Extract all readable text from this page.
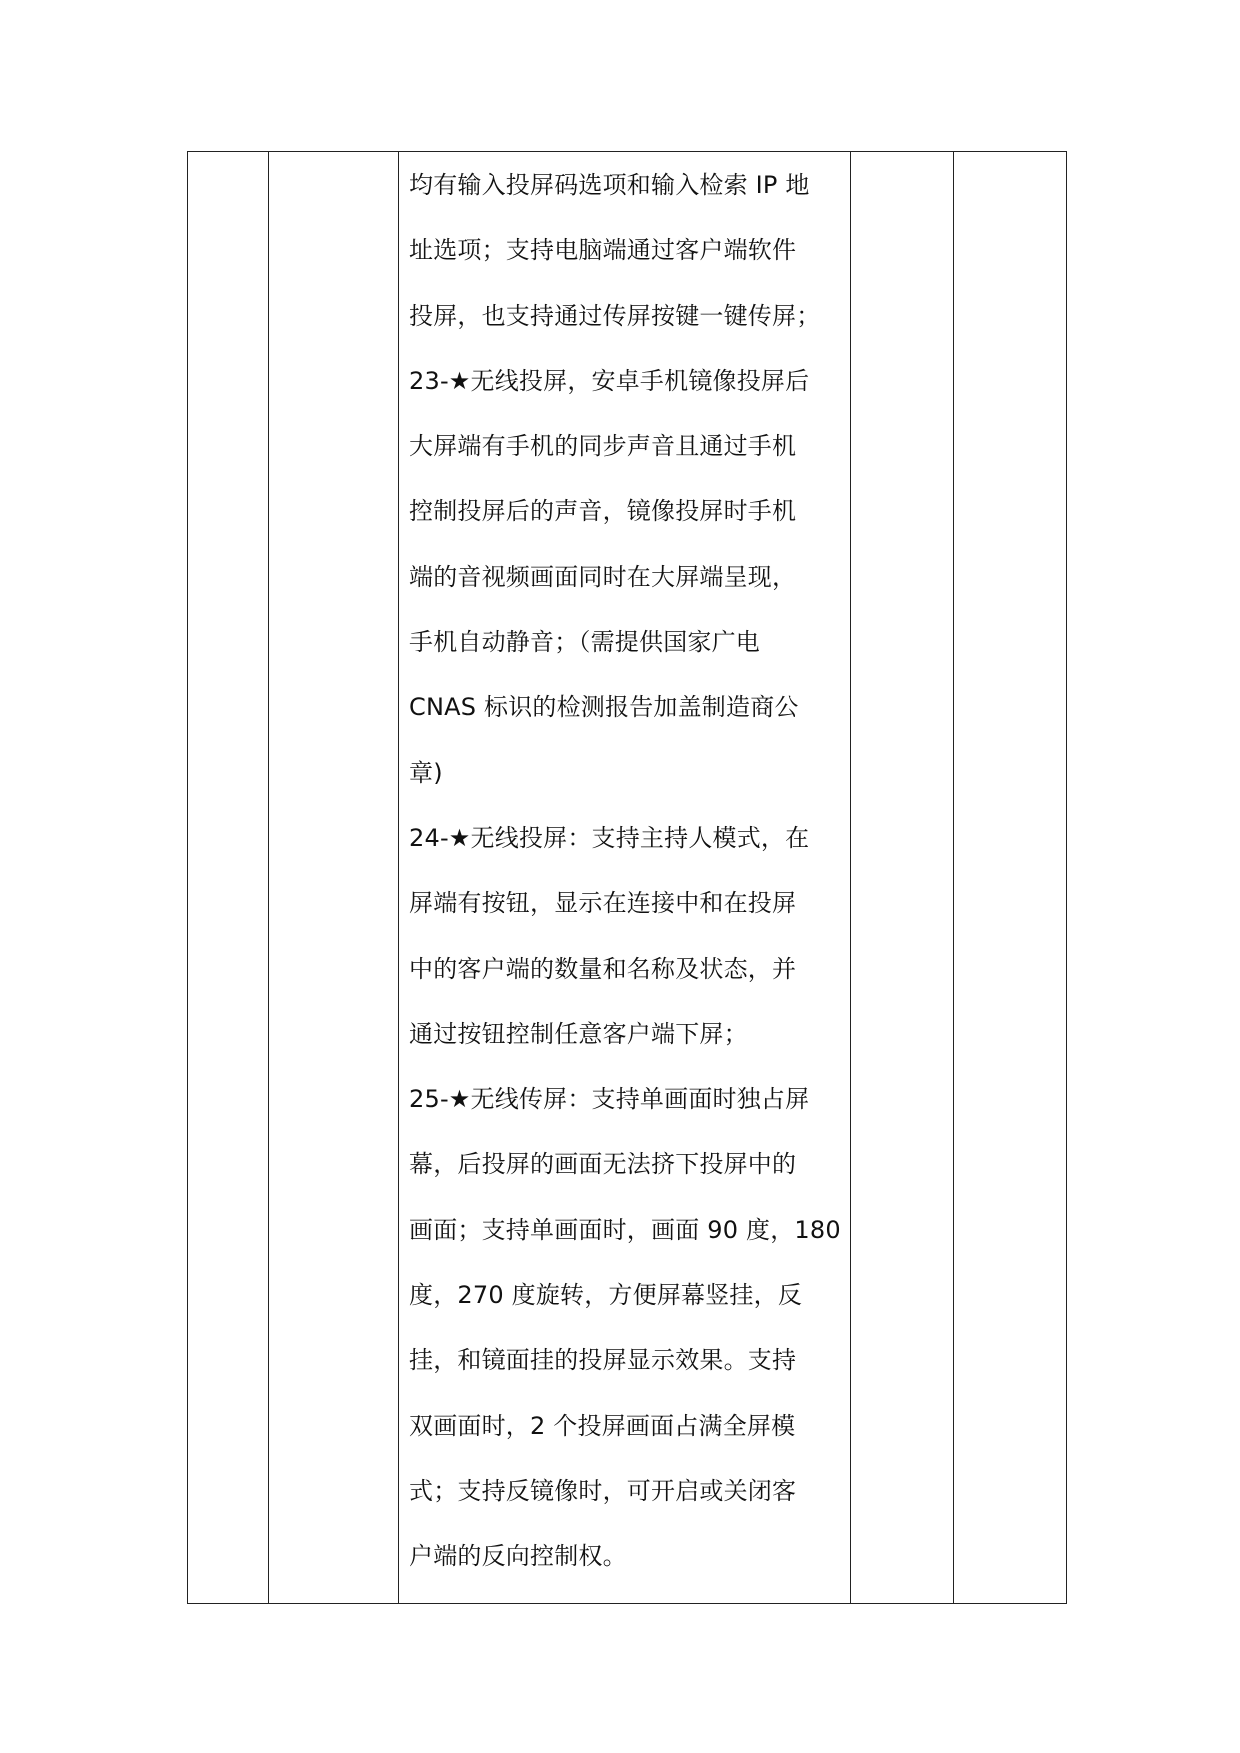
均有输入投屏码选项和输入检索 IP 地
址选项；支持电脑端通过客户端软件
投屏，也支持通过传屏按键一键传屏；
23-★无线投屏，安卓手机镜像投屏后
大屏端有手机的同步声音且通过手机
控制投屏后的声音，镜像投屏时手机
端的音视频画面同时在大屏端呈现，
手机自动静音；（需提供国家广电
CNAS 标识的检测报告加盖制造商公
章)
24-★无线投屏：支持主持人模式，在
屏端有按钮，显示在连接中和在投屏
中的客户端的数量和名称及状态，并
通过按钮控制任意客户端下屏；
25-★无线传屏：支持单画面时独占屏
幕，后投屏的画面无法挤下投屏中的
画面；支持单画面时，画面 90 度，180
度，270 度旋转，方便屏幕竖挂，反
挂，和镜面挂的投屏显示效果。支持
双画面时，2 个投屏画面占满全屏模
式；支持反镜像时，可开启或关闭客
户端的反向控制权。
